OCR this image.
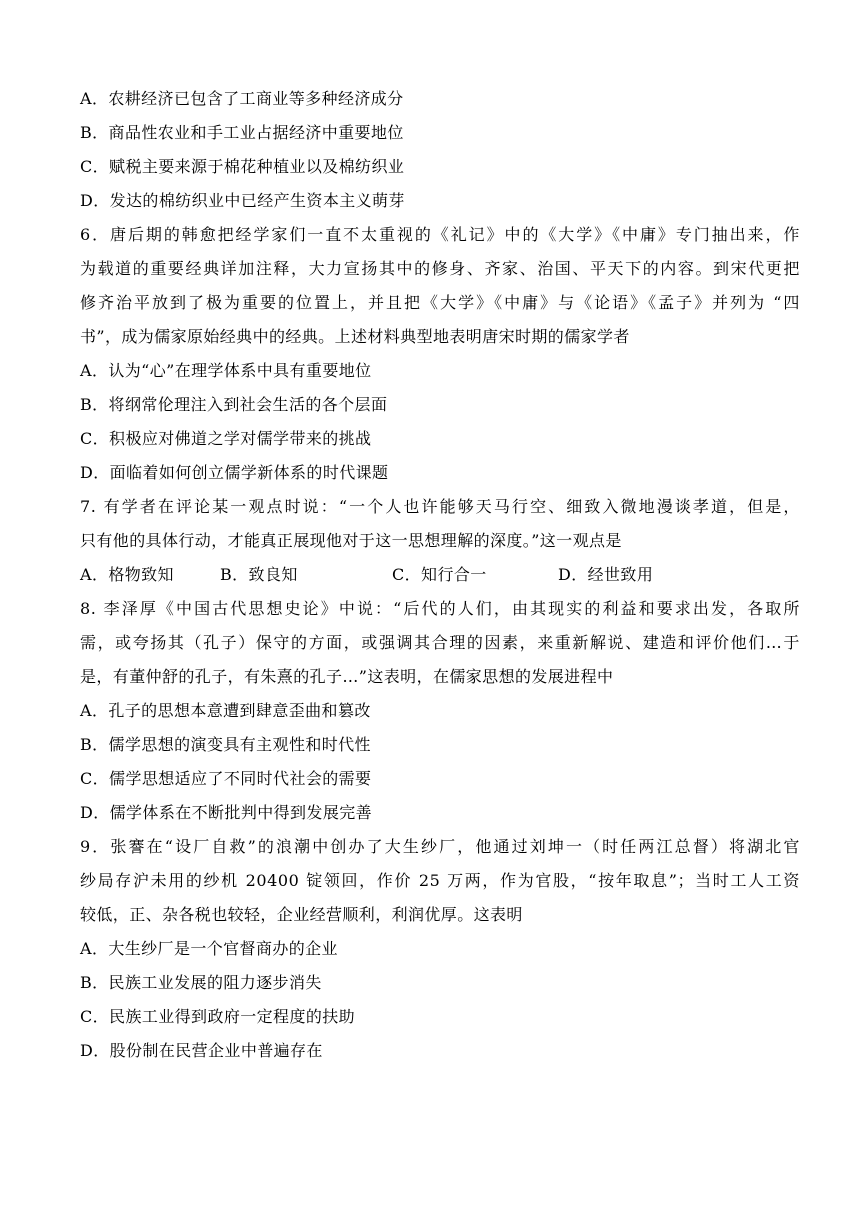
A．农耕经济已包含了工商业等多种经济成分
B．商品性农业和手工业占据经济中重要地位
C．赋税主要来源于棉花种植业以及棉纺织业
D．发达的棉纺织业中已经产生资本主义萌芽
6．唐后期的韩愈把经学家们一直不太重视的《礼记》中的《大学》《中庸》专门抽出来，作
为载道的重要经典详加注释，大力宣扬其中的修身、齐家、治国、平天下的内容。到宋代更把
修齐治平放到了极为重要的位置上，并且把《大学》《中庸》与《论语》《孟子》并列为 “四
书”，成为儒家原始经典中的经典。上述材料典型地表明唐宋时期的儒家学者
A．认为“心”在理学体系中具有重要地位
B．将纲常伦理注入到社会生活的各个层面
C．积极应对佛道之学对儒学带来的挑战
D．面临着如何创立儒学新体系的时代课题
7. 有学者在评论某一观点时说：“一个人也许能够天马行空、细致入微地漫谈孝道，但是，
只有他的具体行动，才能真正展现他对于这一思想理解的深度。”这一观点是
A．格物致知	B．致良知	C．知行合一	D．经世致用
8. 李泽厚《中国古代思想史论》中说：“后代的人们，由其现实的利益和要求出发，各取所
需，或夸扬其（孔子）保守的方面，或强调其合理的因素，来重新解说、建造和评价他们…于
是，有董仲舒的孔子，有朱熹的孔子…”这表明，在儒家思想的发展进程中
A．孔子的思想本意遭到肆意歪曲和篡改
B．儒学思想的演变具有主观性和时代性
C．儒学思想适应了不同时代社会的需要
D．儒学体系在不断批判中得到发展完善
9．张謇在“设厂自救”的浪潮中创办了大生纱厂，他通过刘坤一（时任两江总督）将湖北官
纱局存沪未用的纱机 20400 锭领回，作价 25 万两，作为官股，“按年取息”；当时工人工资
较低，正、杂各税也较轻，企业经营顺利，利润优厚。这表明
A．大生纱厂是一个官督商办的企业
B．民族工业发展的阻力逐步消失
C．民族工业得到政府一定程度的扶助
D．股份制在民营企业中普遍存在
